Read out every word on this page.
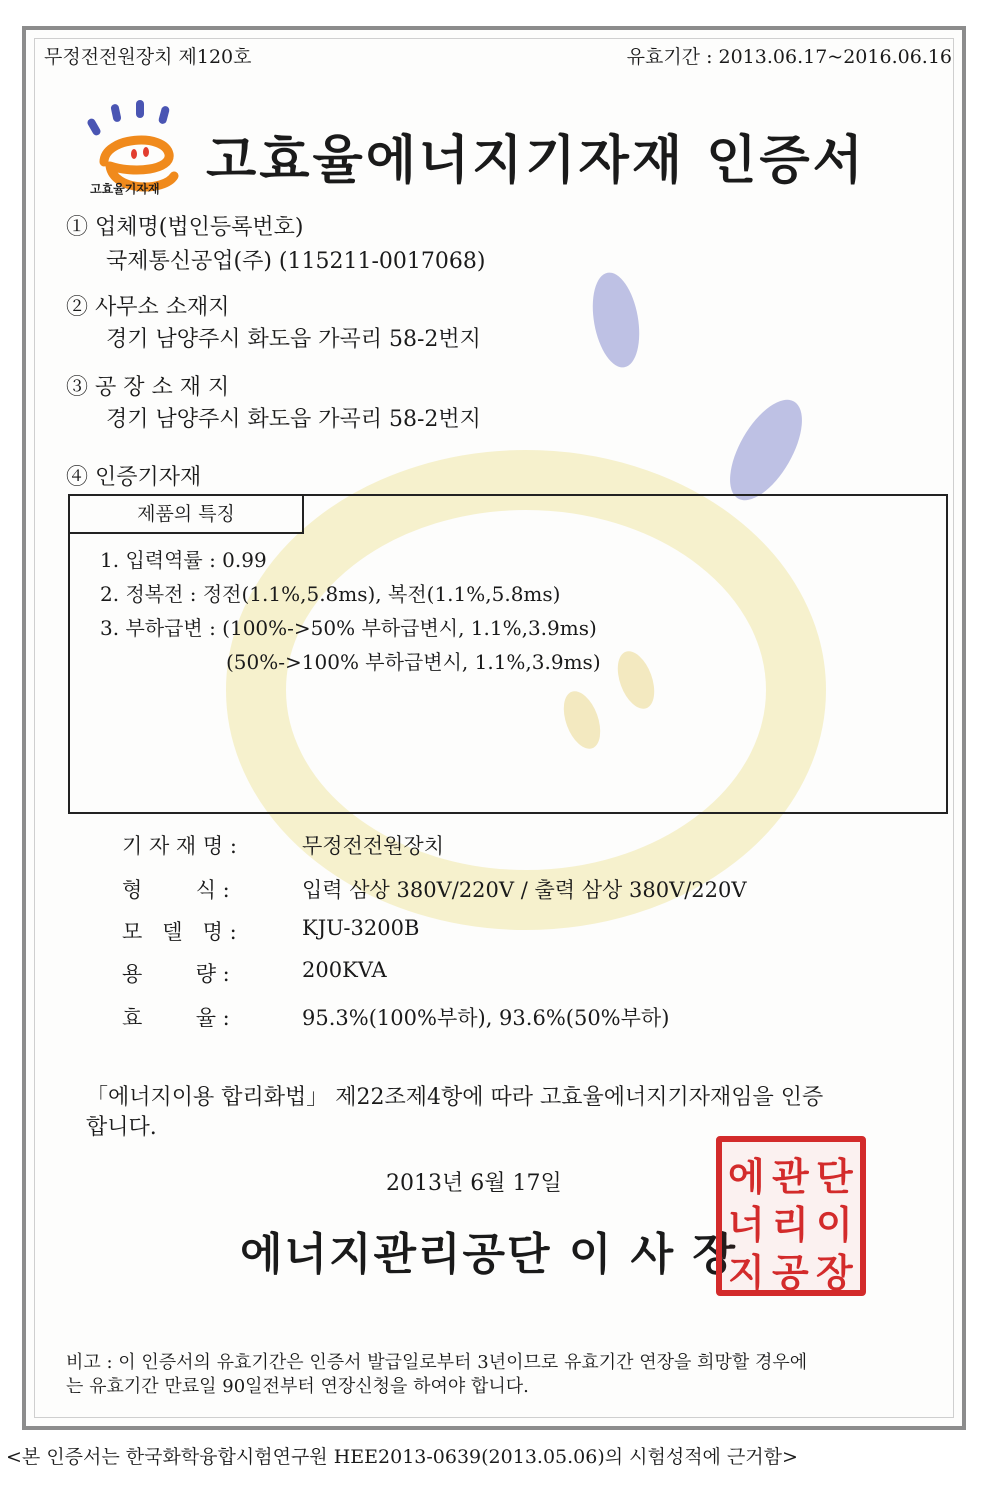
무정전전원장치 제120호	유효기간 : 2013.06.17~2016.06.16
고효율기자재 고효율에너지기자재 인증서
① 업체명(법인등록번호)
국제통신공업(주) (115211-0017068)
② 사무소 소재지
경기 남양주시 화도읍 가곡리 58-2번지
③ 공 장 소 재 지
경기 남양주시 화도읍 가곡리 58-2번지
④ 인증기자재
제품의 특징
1. 입력역률 : 0.99
2. 정복전 : 정전(1.1%,5.8ms), 복전(1.1%,5.8ms)
3. 부하급변 : (100%->50% 부하급변시, 1.1%,3.9ms)
(50%->100% 부하급변시, 1.1%,3.9ms)
기 자 재 명 :	무정전전원장치
형        식 :	입력 삼상 380V/220V / 출력 삼상 380V/220V
모   델   명 :	KJU-3200B
용        량 :	200KVA
효        율 :	95.3%(100%부하), 93.6%(50%부하)
「에너지이용 합리화법」 제22조제4항에 따라 고효율에너지기자재임을 인증
합니다.
2013년 6월 17일
에너지관리공단 이 사 장
에 관 단
너 리 이
지 공 장
비고 : 이 인증서의 유효기간은 인증서 발급일로부터 3년이므로 유효기간 연장을 희망할 경우에
는 유효기간 만료일 90일전부터 연장신청을 하여야 합니다.
<본 인증서는 한국화학융합시험연구원 HEE2013-0639(2013.05.06)의 시험성적에 근거함>
